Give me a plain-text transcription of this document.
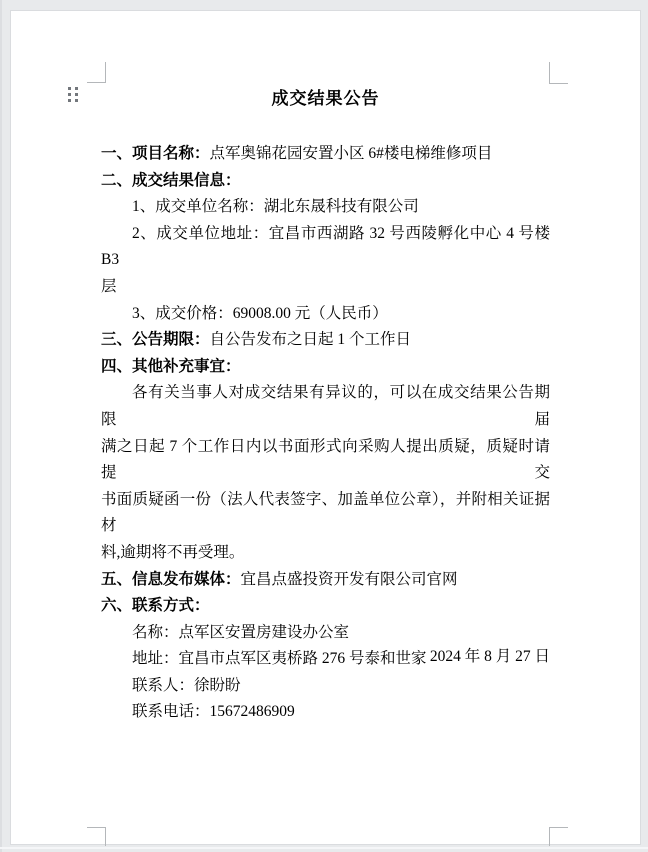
成交结果公告

一、项目名称：点军奥锦花园安置小区 6#楼电梯维修项目

二、成交结果信息：

1、成交单位名称：湖北东晟科技有限公司

2、成交单位地址：宜昌市西湖路 32 号西陵孵化中心 4 号楼 B3

层

3、成交价格：69008.00 元（人民币）

三、公告期限：自公告发布之日起 1 个工作日

四、其他补充事宜：

各有关当事人对成交结果有异议的，可以在成交结果公告期限届

满之日起 7 个工作日内以书面形式向采购人提出质疑，质疑时请提交

书面质疑函一份（法人代表签字、加盖单位公章），并附相关证据材

料,逾期将不再受理。

五、信息发布媒体：宜昌点盛投资开发有限公司官网

六、联系方式：

名称：点军区安置房建设办公室

地址：宜昌市点军区夷桥路 276 号泰和世家

联系人：徐盼盼

联系电话：15672486909

2024 年 8 月 27 日
